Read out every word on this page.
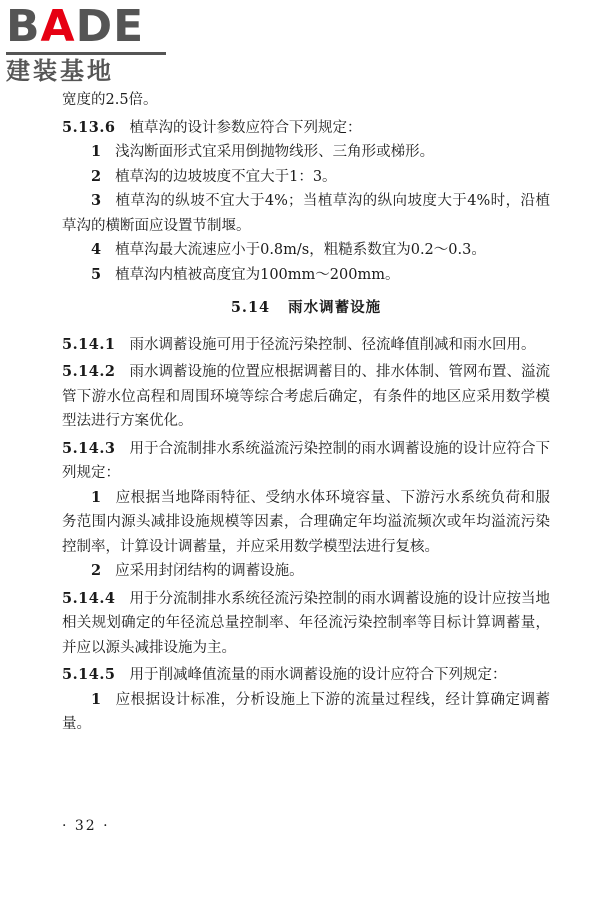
BADE
建装基地

宽度的2.5倍。

5.13.6 植草沟的设计参数应符合下列规定：

1 浅沟断面形式宜采用倒抛物线形、三角形或梯形。

2 植草沟的边坡坡度不宜大于1：3。

3 植草沟的纵坡不宜大于4%；当植草沟的纵向坡度大于4%时，沿植草沟的横断面应设置节制堰。

4 植草沟最大流速应小于0.8m/s，粗糙系数宜为0.2～0.3。

5 植草沟内植被高度宜为100mm～200mm。

5.14 雨水调蓄设施

5.14.1 雨水调蓄设施可用于径流污染控制、径流峰值削减和雨水回用。

5.14.2 雨水调蓄设施的位置应根据调蓄目的、排水体制、管网布置、溢流管下游水位高程和周围环境等综合考虑后确定，有条件的地区应采用数学模型法进行方案优化。

5.14.3 用于合流制排水系统溢流污染控制的雨水调蓄设施的设计应符合下列规定：

1 应根据当地降雨特征、受纳水体环境容量、下游污水系统负荷和服务范围内源头减排设施规模等因素，合理确定年均溢流频次或年均溢流污染控制率，计算设计调蓄量，并应采用数学模型法进行复核。

2 应采用封闭结构的调蓄设施。

5.14.4 用于分流制排水系统径流污染控制的雨水调蓄设施的设计应按当地相关规划确定的年径流总量控制率、年径流污染控制率等目标计算调蓄量，并应以源头减排设施为主。

5.14.5 用于削减峰值流量的雨水调蓄设施的设计应符合下列规定：

1 应根据设计标准，分析设施上下游的流量过程线，经计算确定调蓄量。

· 32 ·
